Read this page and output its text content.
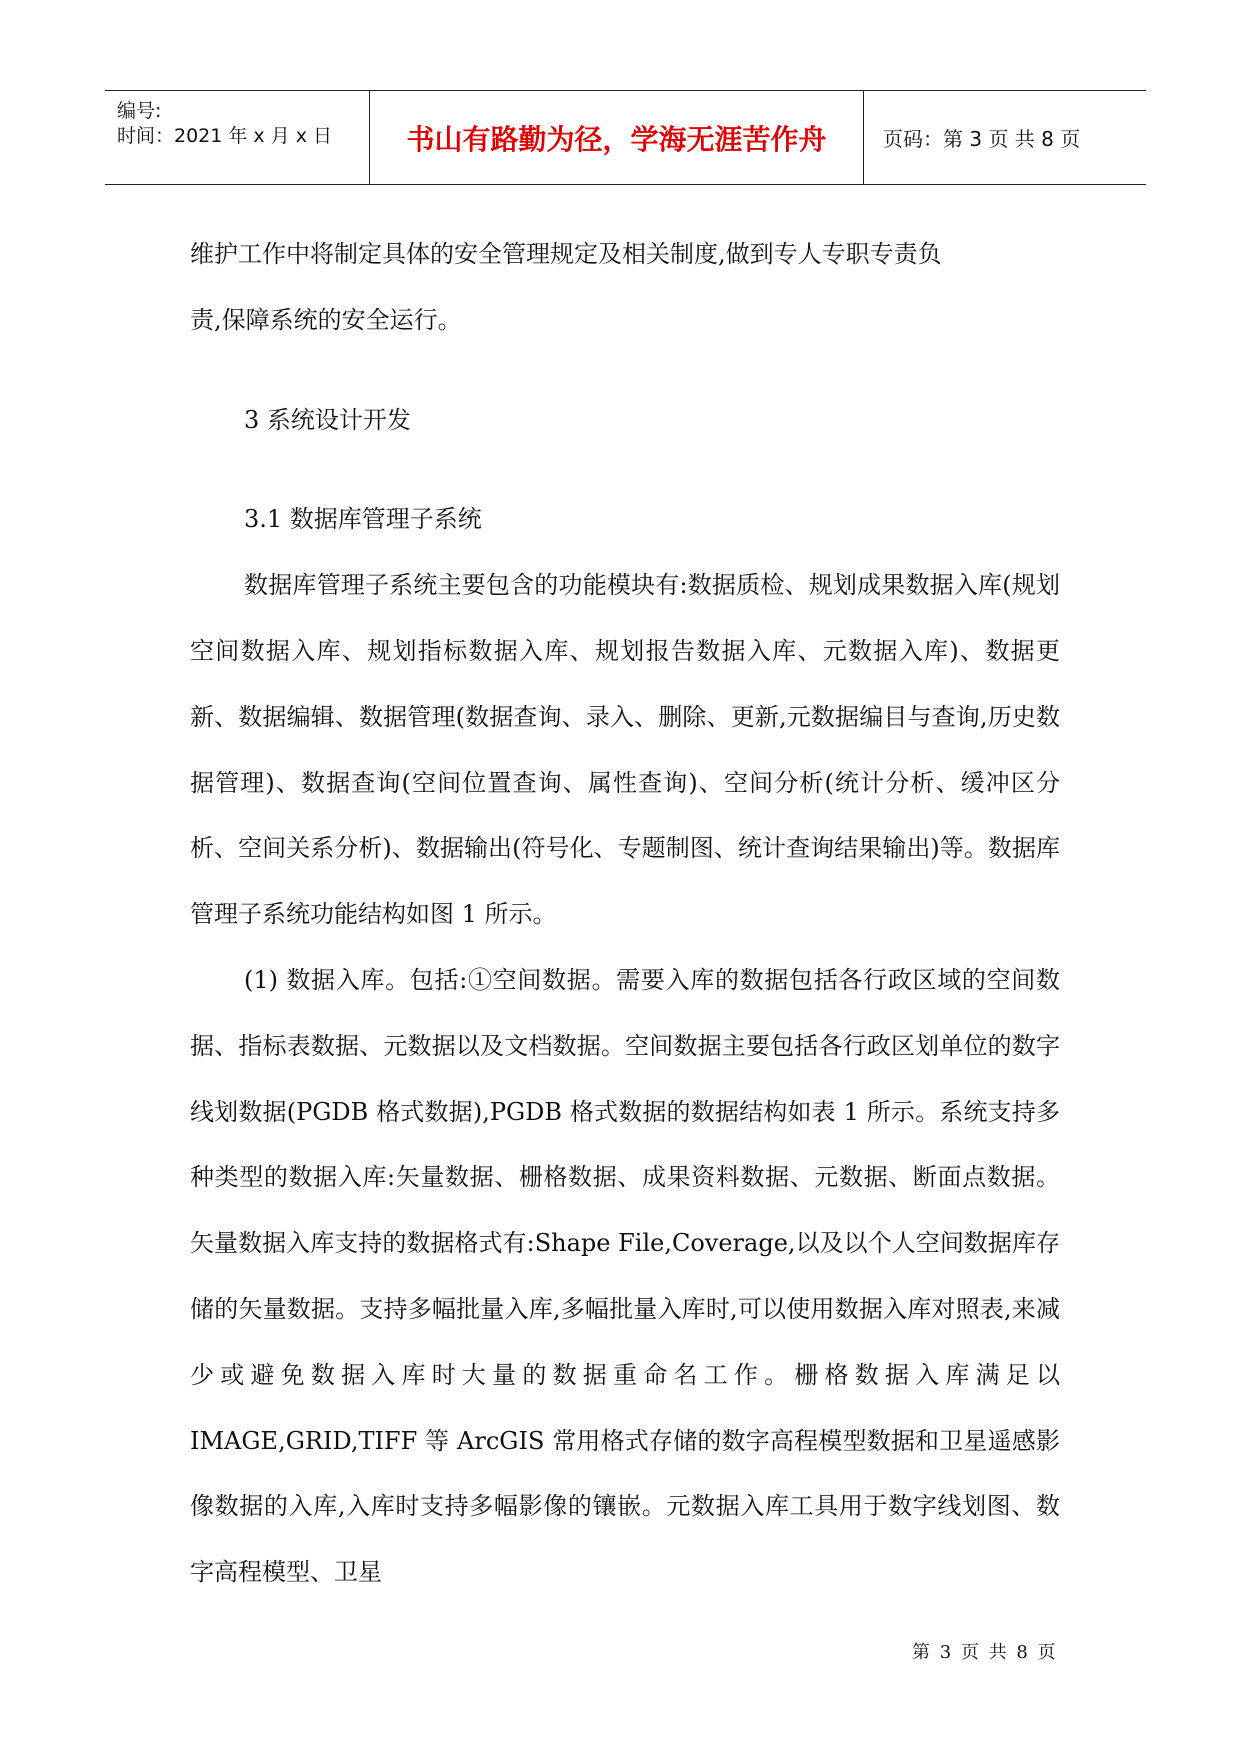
编号:
时间：2021 年 x 月 x 日	书山有路勤为径，学海无涯苦作舟	页码：第 3 页 共 8 页

维护工作中将制定具体的安全管理规定及相关制度,做到专人专职专责负

责,保障系统的安全运行。

3 系统设计开发

3.1 数据库管理子系统

数据库管理子系统主要包含的功能模块有:数据质检、规划成果数据入库(规划空间数据入库、规划指标数据入库、规划报告数据入库、元数据入库)、数据更新、数据编辑、数据管理(数据查询、录入、删除、更新,元数据编目与查询,历史数据管理)、数据查询(空间位置查询、属性查询)、空间分析(统计分析、缓冲区分析、空间关系分析)、数据输出(符号化、专题制图、统计查询结果输出)等。数据库管理子系统功能结构如图 1 所示。

(1) 数据入库。包括:①空间数据。需要入库的数据包括各行政区域的空间数据、指标表数据、元数据以及文档数据。空间数据主要包括各行政区划单位的数字线划数据(PGDB 格式数据),PGDB 格式数据的数据结构如表 1 所示。系统支持多种类型的数据入库:矢量数据、栅格数据、成果资料数据、元数据、断面点数据。矢量数据入库支持的数据格式有:Shape File,Coverage,以及以个人空间数据库存储的矢量数据。支持多幅批量入库,多幅批量入库时,可以使用数据入库对照表,来减少或避免数据入库时大量的数据重命名工作。栅格数据入库满足以 IMAGE,GRID,TIFF 等 ArcGIS 常用格式存储的数字高程模型数据和卫星遥感影像数据的入库,入库时支持多幅影像的镶嵌。元数据入库工具用于数字线划图、数字高程模型、卫星

第 3 页 共 8 页
